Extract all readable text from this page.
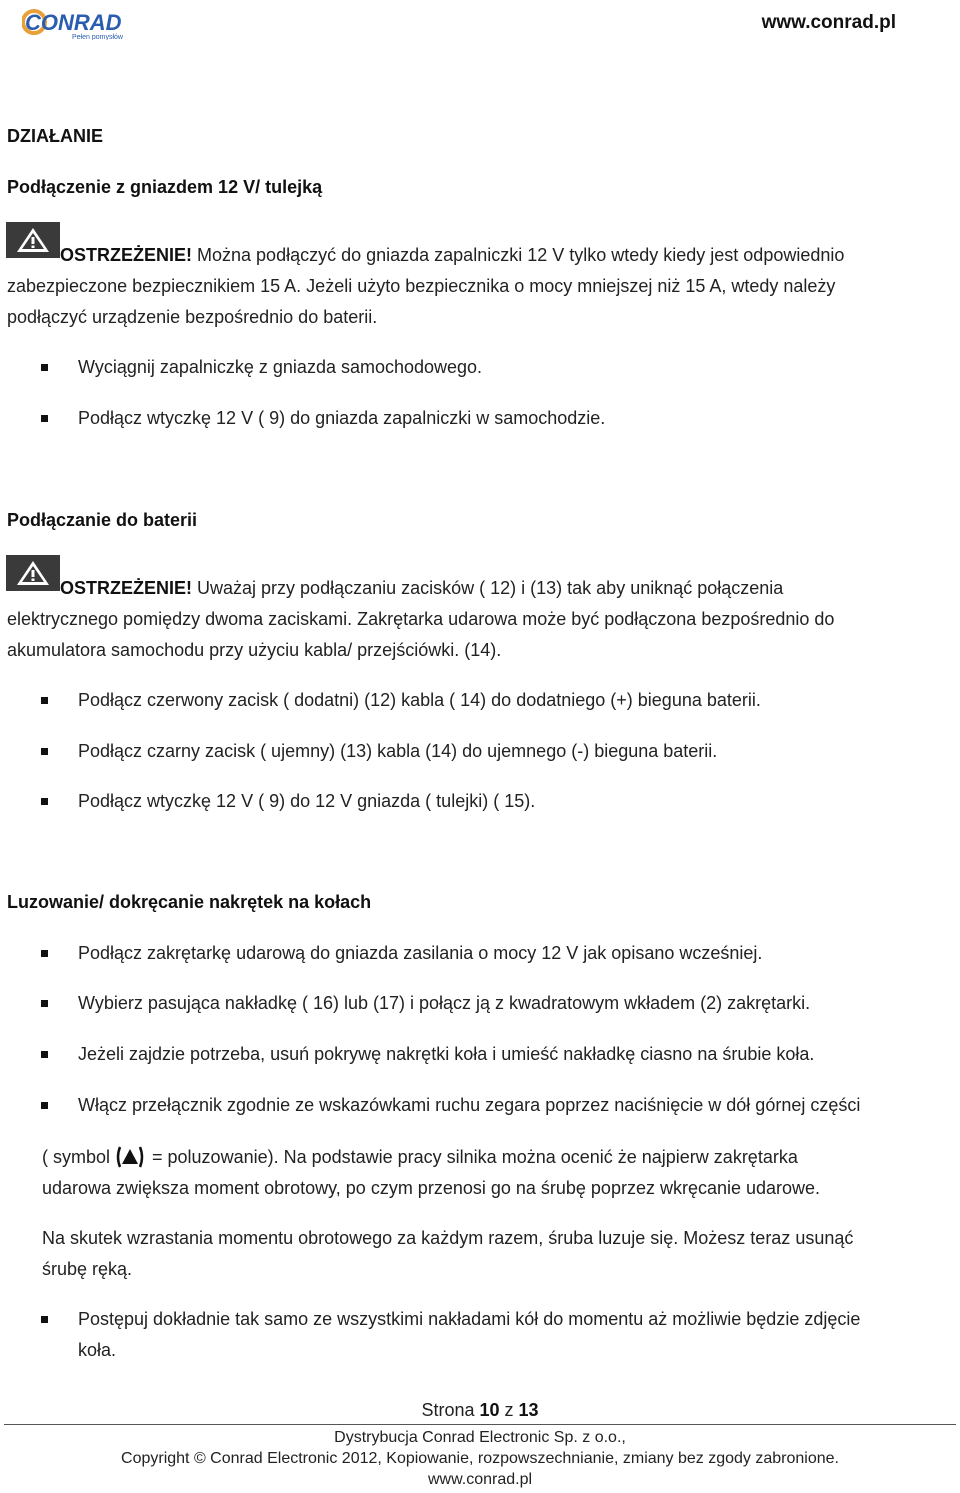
CONRAD
Pełen pomysłów
www.conrad.pl
DZIAŁANIE
Podłączenie z gniazdem 12 V/ tulejką
OSTRZEŻENIE! Można podłączyć do gniazda zapalniczki 12 V tylko wtedy kiedy jest odpowiednio
zabezpieczone bezpiecznikiem 15 A. Jeżeli użyto bezpiecznika o mocy mniejszej niż 15 A, wtedy należy
podłączyć urządzenie bezpośrednio do baterii.
Wyciągnij zapalniczkę z gniazda samochodowego.
Podłącz wtyczkę 12 V ( 9) do gniazda zapalniczki w samochodzie.
Podłączanie do baterii
OSTRZEŻENIE! Uważaj przy podłączaniu zacisków ( 12) i (13) tak aby uniknąć połączenia
elektrycznego pomiędzy dwoma zaciskami. Zakrętarka udarowa może być podłączona bezpośrednio do
akumulatora samochodu przy użyciu kabla/ przejściówki. (14).
Podłącz czerwony zacisk ( dodatni) (12) kabla ( 14) do dodatniego (+) bieguna baterii.
Podłącz czarny zacisk ( ujemny) (13) kabla (14) do ujemnego (-) bieguna baterii.
Podłącz wtyczkę 12 V ( 9) do 12 V gniazda ( tulejki) ( 15).
Luzowanie/ dokręcanie nakrętek na kołach
Podłącz zakrętarkę udarową do gniazda zasilania o mocy 12 V jak opisano wcześniej.
Wybierz pasująca nakładkę ( 16) lub (17) i połącz ją z kwadratowym wkładem (2) zakrętarki.
Jeżeli zajdzie potrzeba, usuń pokrywę nakrętki koła i umieść nakładkę ciasno na śrubie koła.
Włącz przełącznik zgodnie ze wskazówkami ruchu zegara poprzez naciśnięcie w dół górnej części
( symbol = poluzowanie). Na podstawie pracy silnika można ocenić że najpierw zakrętarka
udarowa zwiększa moment obrotowy, po czym przenosi go na śrubę poprzez wkręcanie udarowe.
Na skutek wzrastania momentu obrotowego za każdym razem, śruba luzuje się. Możesz teraz usunąć
śrubę ręką.
Postępuj dokładnie tak samo ze wszystkimi nakładami kół do momentu aż możliwie będzie zdjęcie
koła.
Strona 10 z 13
Dystrybucja Conrad Electronic Sp. z o.o.,
Copyright © Conrad Electronic 2012, Kopiowanie, rozpowszechnianie, zmiany bez zgody zabronione.
www.conrad.pl
